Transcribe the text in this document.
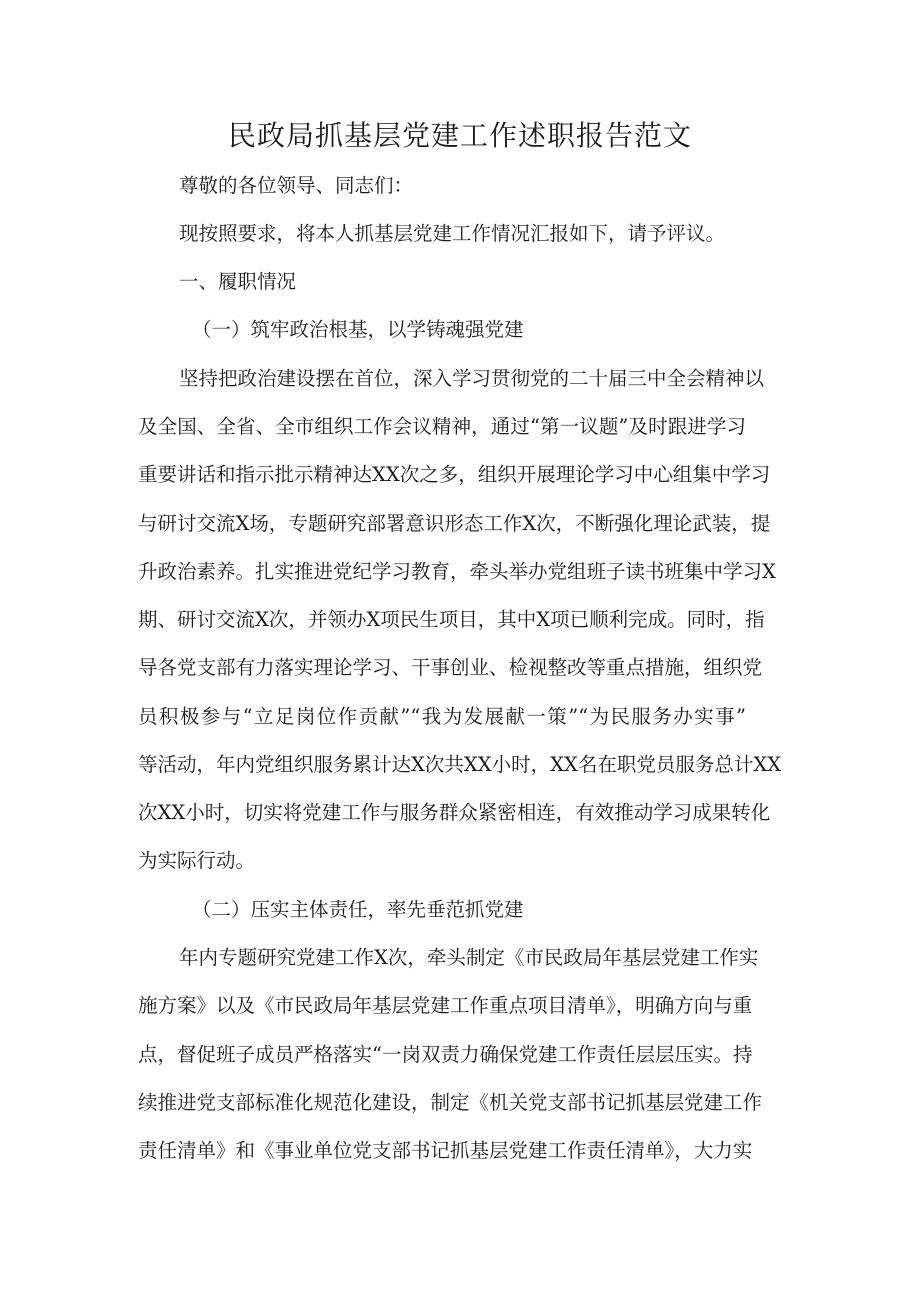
民政局抓基层党建工作述职报告范文

尊敬的各位领导、同志们：

现按照要求，将本人抓基层党建工作情况汇报如下，请予评议。

一、履职情况

（一）筑牢政治根基，以学铸魂强党建

坚持把政治建设摆在首位，深入学习贯彻党的二十届三中全会精神以

及全国、全省、全市组织工作会议精神，通过“第一议题”及时跟进学习

重要讲话和指示批示精神达XX次之多，组织开展理论学习中心组集中学习

与研讨交流X场，专题研究部署意识形态工作X次，不断强化理论武装，提

升政治素养。扎实推进党纪学习教育，牵头举办党组班子读书班集中学习X

期、研讨交流X次，并领办X项民生项目，其中X项已顺利完成。同时，指

导各党支部有力落实理论学习、干事创业、检视整改等重点措施，组织党

员积极参与“立足岗位作贡献”“我为发展献一策”“为民服务办实事”

等活动，年内党组织服务累计达X次共XX小时，XX名在职党员服务总计XX

次XX小时，切实将党建工作与服务群众紧密相连，有效推动学习成果转化

为实际行动。

（二）压实主体责任，率先垂范抓党建

年内专题研究党建工作X次，牵头制定《市民政局年基层党建工作实

施方案》以及《市民政局年基层党建工作重点项目清单》，明确方向与重

点，督促班子成员严格落实“一岗双责力确保党建工作责任层层压实。持

续推进党支部标准化规范化建设，制定《机关党支部书记抓基层党建工作

责任清单》和《事业单位党支部书记抓基层党建工作责任清单》，大力实
